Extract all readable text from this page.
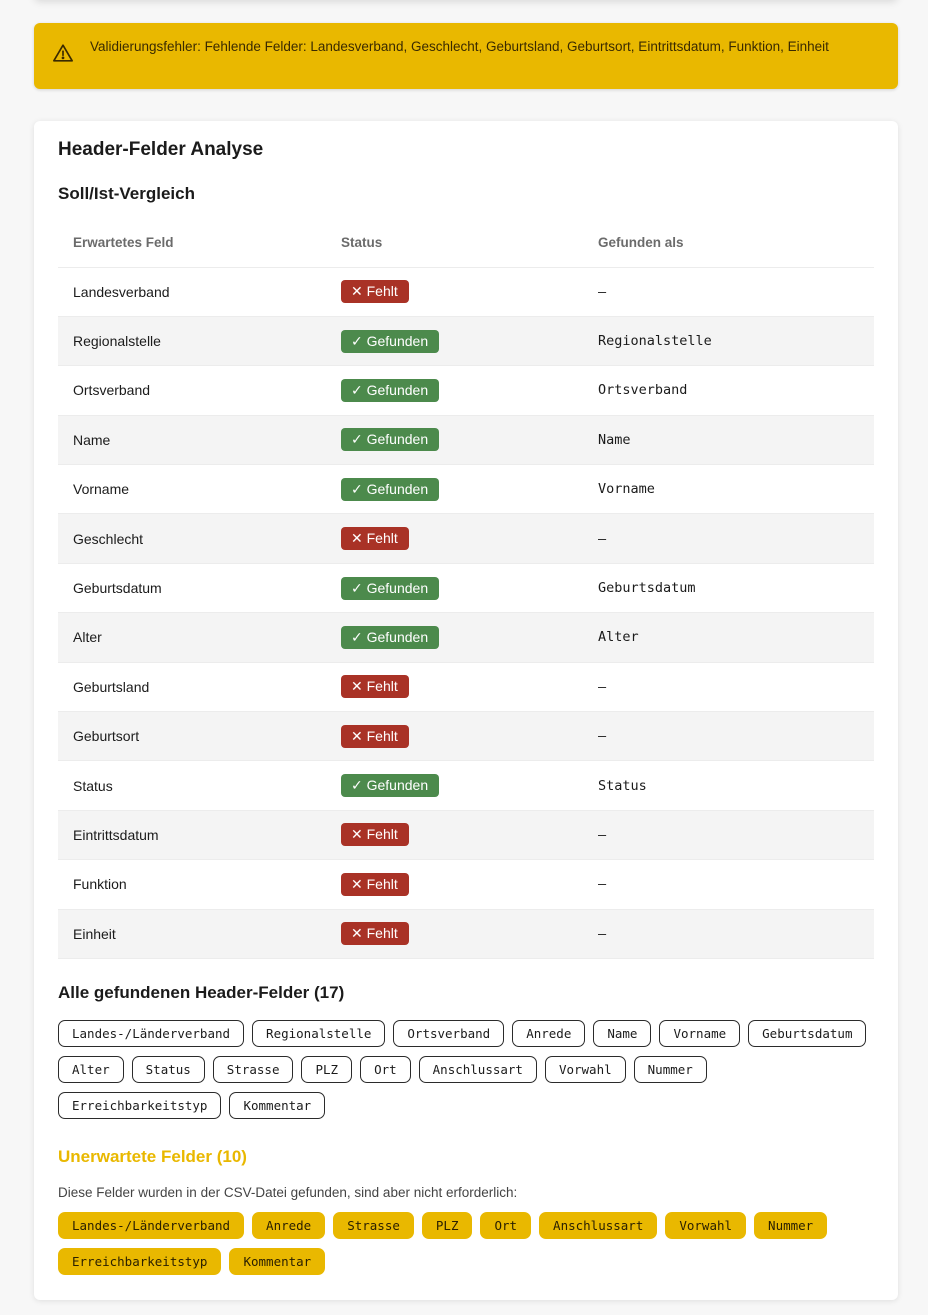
Validierungsfehler: Fehlende Felder: Landesverband, Geschlecht, Geburtsland, Geburtsort, Eintrittsdatum, Funktion, Einheit
Header-Felder Analyse
Soll/Ist-Vergleich
Erwartetes Feld	Status	Gefunden als
Landesverband	✕ Fehlt	–
Regionalstelle	✓ Gefunden	Regionalstelle
Ortsverband	✓ Gefunden	Ortsverband
Name	✓ Gefunden	Name
Vorname	✓ Gefunden	Vorname
Geschlecht	✕ Fehlt	–
Geburtsdatum	✓ Gefunden	Geburtsdatum
Alter	✓ Gefunden	Alter
Geburtsland	✕ Fehlt	–
Geburtsort	✕ Fehlt	–
Status	✓ Gefunden	Status
Eintrittsdatum	✕ Fehlt	–
Funktion	✕ Fehlt	–
Einheit	✕ Fehlt	–
Alle gefundenen Header-Felder (17)
Landes-/Länderverband	Regionalstelle	Ortsverband	Anrede	Name	Vorname	Geburtsdatum
Alter	Status	Strasse	PLZ	Ort	Anschlussart	Vorwahl	Nummer
Erreichbarkeitstyp	Kommentar
Unerwartete Felder (10)
Diese Felder wurden in der CSV-Datei gefunden, sind aber nicht erforderlich:
Landes-/Länderverband	Anrede	Strasse	PLZ	Ort	Anschlussart	Vorwahl	Nummer
Erreichbarkeitstyp	Kommentar
